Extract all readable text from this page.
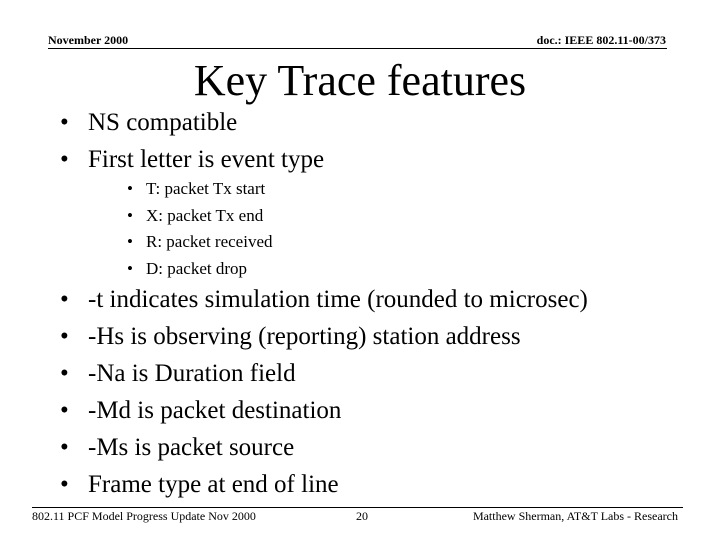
November 2000	doc.: IEEE 802.11-00/373
Key Trace features
• NS compatible
• First letter is event type
• T: packet Tx start
• X: packet Tx end
• R: packet received
• D: packet drop
• -t indicates simulation time (rounded to microsec)
• -Hs is observing (reporting) station address
• -Na is Duration field
• -Md is packet destination
• -Ms is packet source
• Frame type at end of line
802.11 PCF Model Progress Update Nov 2000	20	Matthew Sherman, AT&T Labs - Research
